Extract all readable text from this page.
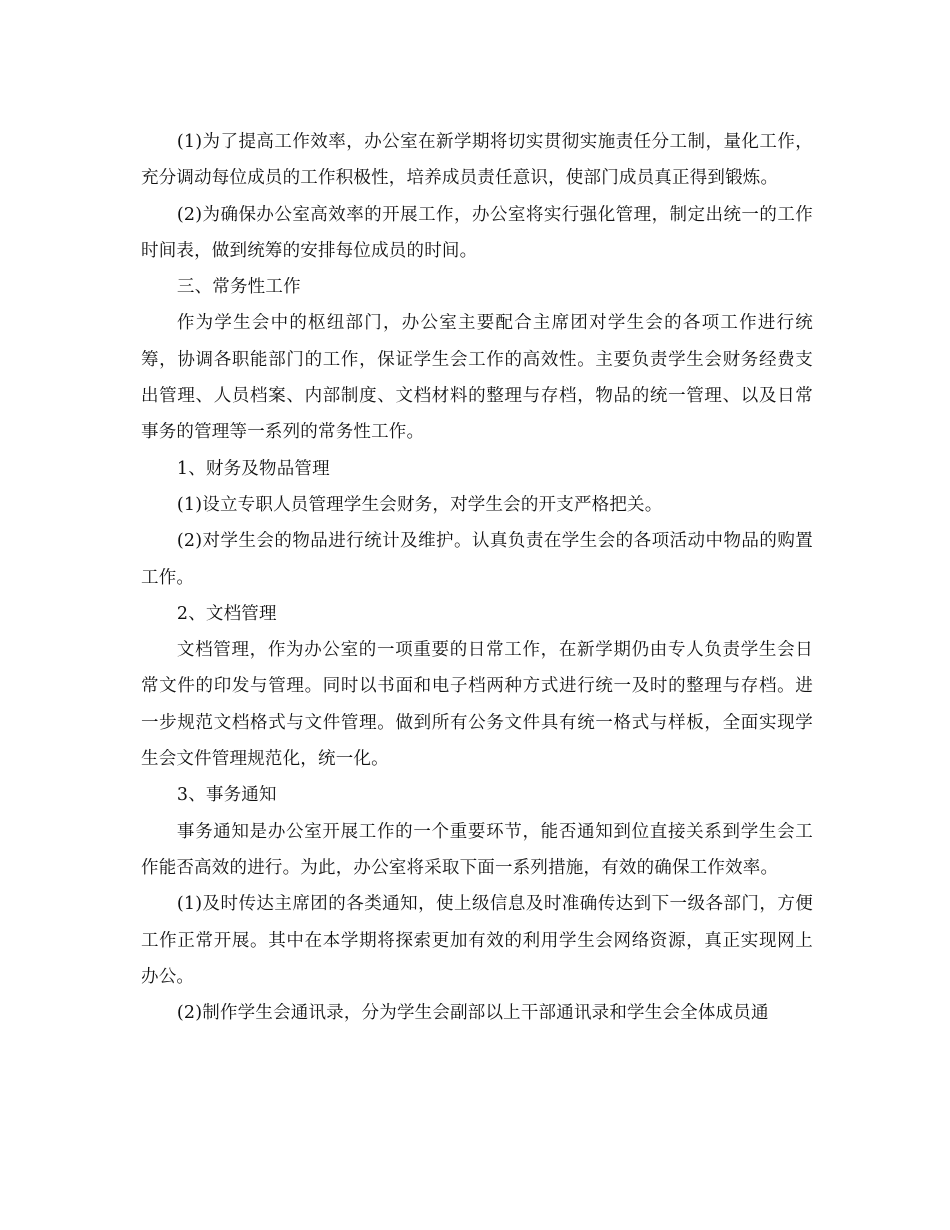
(1)为了提高工作效率，办公室在新学期将切实贯彻实施责任分工制，量化工作，充分调动每位成员的工作积极性，培养成员责任意识，使部门成员真正得到锻炼。

(2)为确保办公室高效率的开展工作，办公室将实行强化管理，制定出统一的工作时间表，做到统筹的安排每位成员的时间。

三、常务性工作

作为学生会中的枢纽部门，办公室主要配合主席团对学生会的各项工作进行统筹，协调各职能部门的工作，保证学生会工作的高效性。主要负责学生会财务经费支出管理、人员档案、内部制度、文档材料的整理与存档，物品的统一管理、以及日常事务的管理等一系列的常务性工作。

1、财务及物品管理

(1)设立专职人员管理学生会财务，对学生会的开支严格把关。

(2)对学生会的物品进行统计及维护。认真负责在学生会的各项活动中物品的购置工作。

2、文档管理

文档管理，作为办公室的一项重要的日常工作，在新学期仍由专人负责学生会日常文件的印发与管理。同时以书面和电子档两种方式进行统一及时的整理与存档。进一步规范文档格式与文件管理。做到所有公务文件具有统一格式与样板，全面实现学生会文件管理规范化，统一化。

3、事务通知

事务通知是办公室开展工作的一个重要环节，能否通知到位直接关系到学生会工作能否高效的进行。为此，办公室将采取下面一系列措施，有效的确保工作效率。

(1)及时传达主席团的各类通知，使上级信息及时准确传达到下一级各部门，方便工作正常开展。其中在本学期将探索更加有效的利用学生会网络资源，真正实现网上办公。

(2)制作学生会通讯录，分为学生会副部以上干部通讯录和学生会全体成员通
